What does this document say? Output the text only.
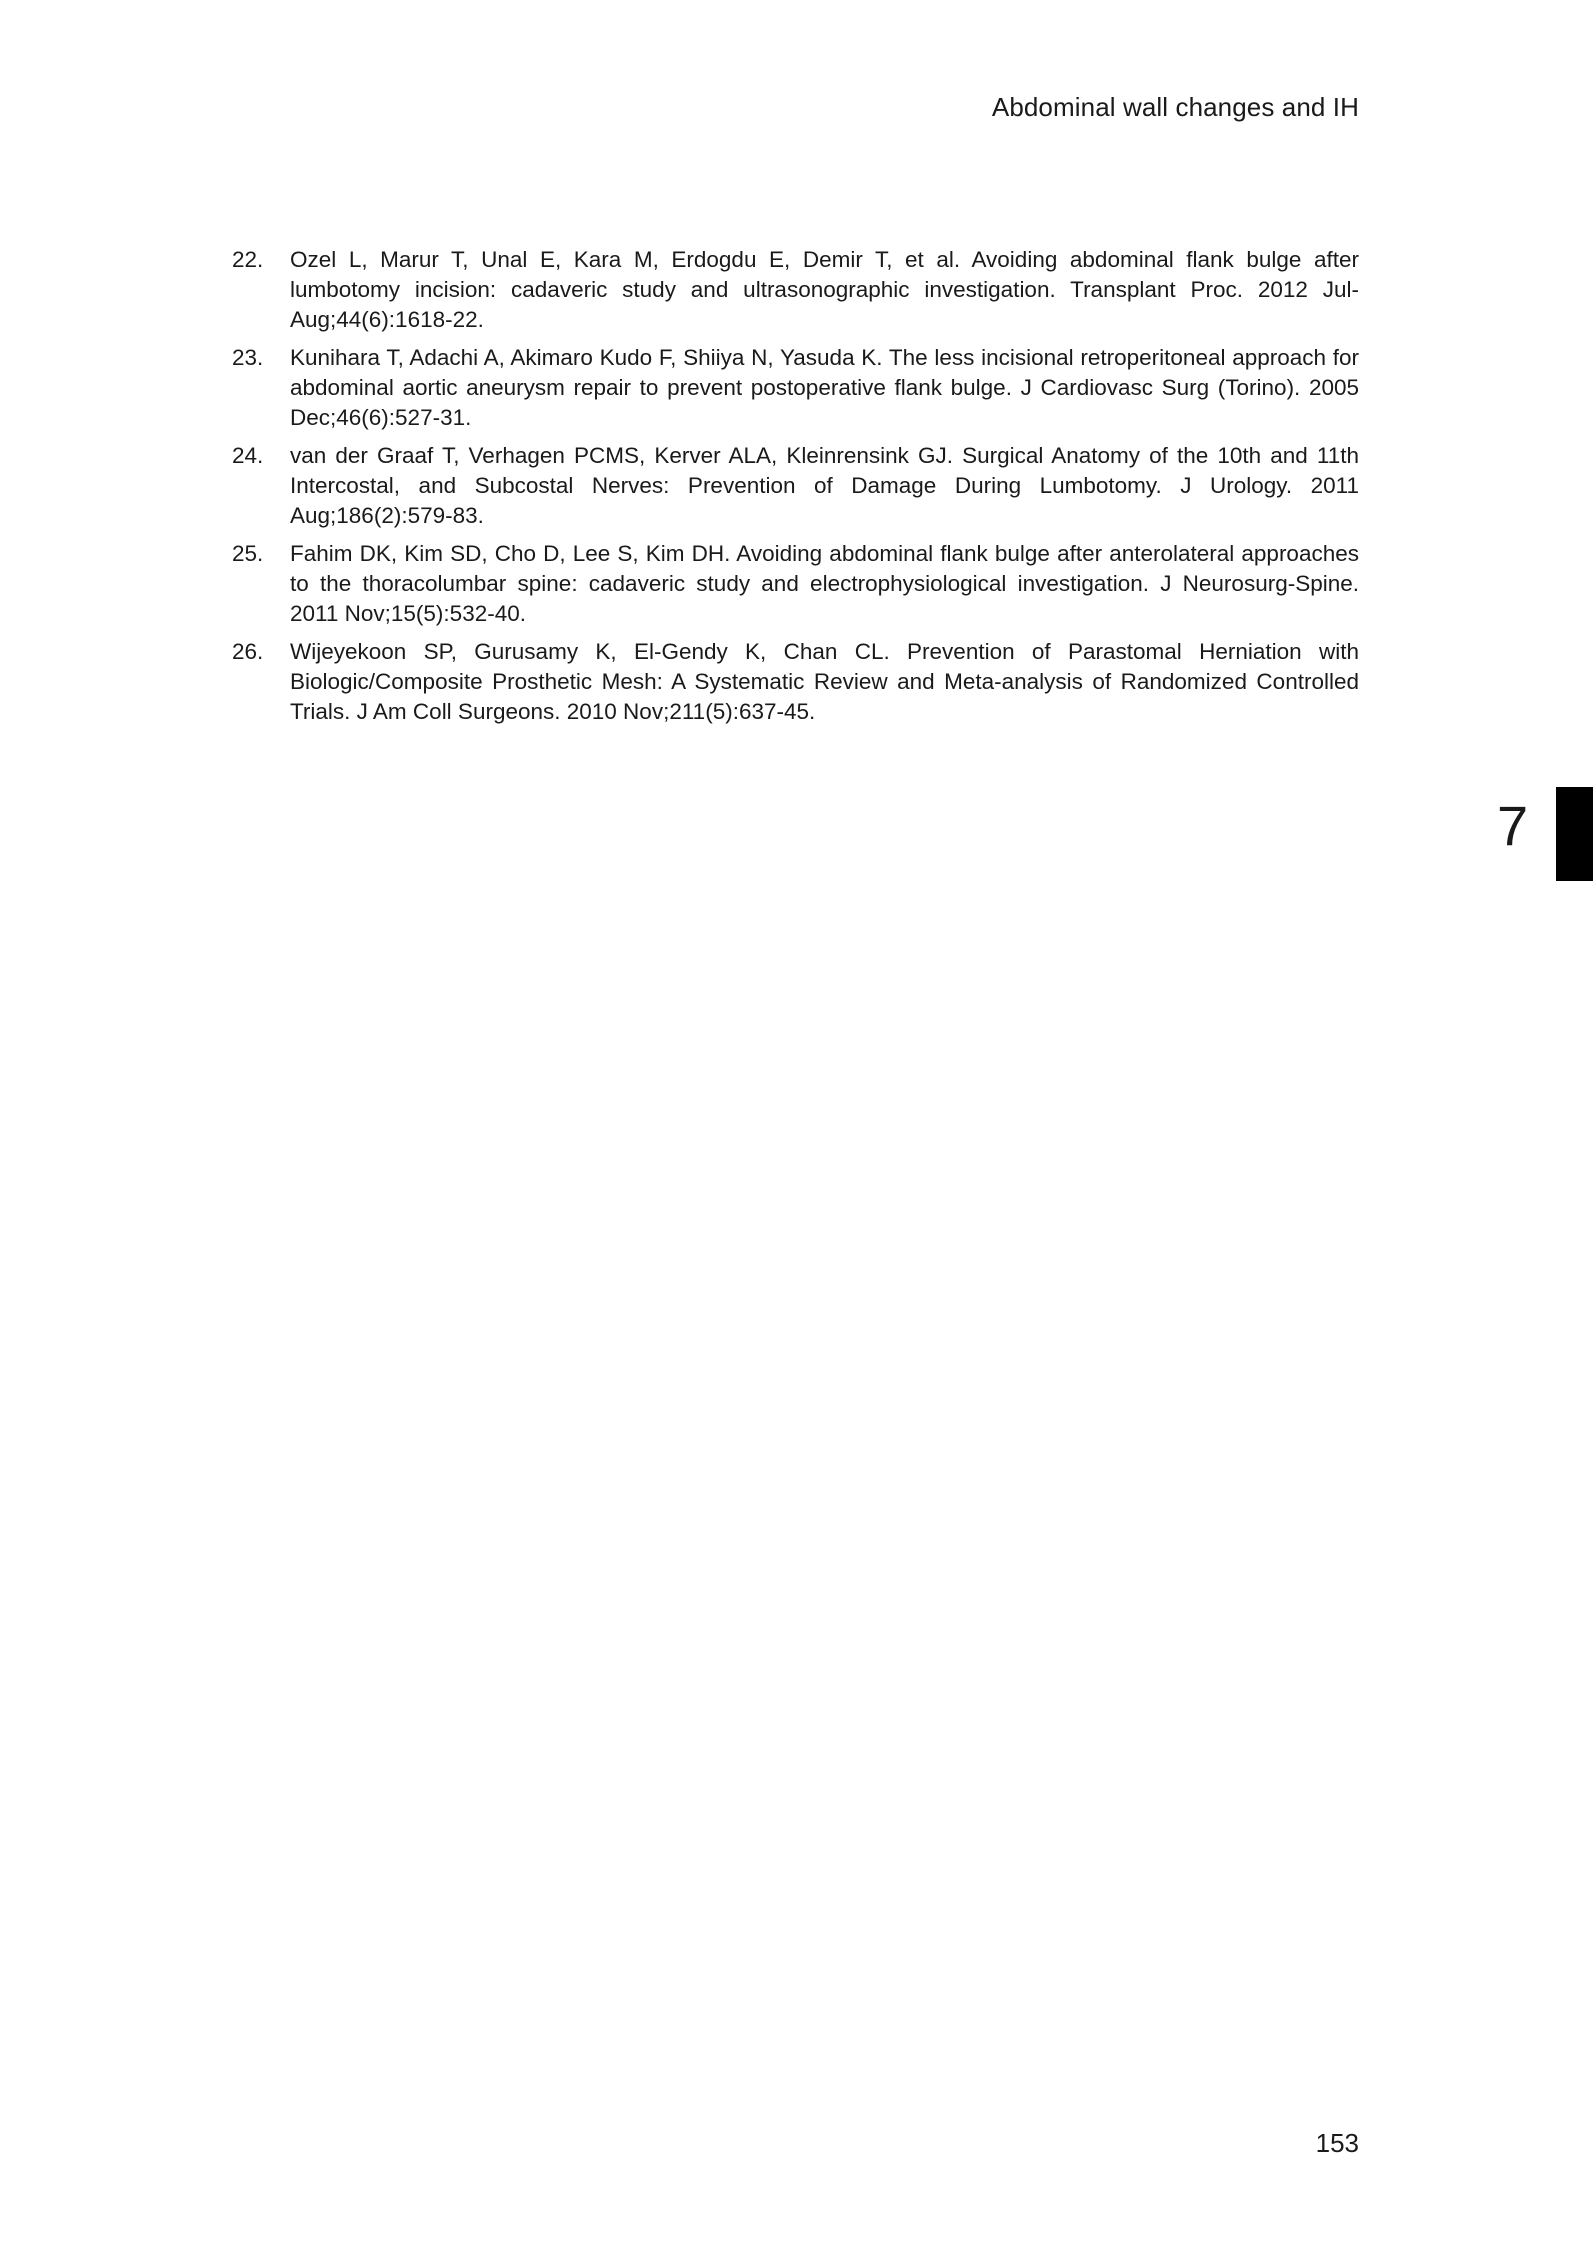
Abdominal wall changes and IH
22.	Ozel L, Marur T, Unal E, Kara M, Erdogdu E, Demir T, et al. Avoiding abdominal flank bulge after lumbotomy incision: cadaveric study and ultrasonographic investigation. Transplant Proc. 2012 Jul-Aug;44(6):1618-22.
23.	Kunihara T, Adachi A, Akimaro Kudo F, Shiiya N, Yasuda K. The less incisional retroperitoneal approach for abdominal aortic aneurysm repair to prevent postoperative flank bulge. J Cardiovasc Surg (Torino). 2005 Dec;46(6):527-31.
24.	van der Graaf T, Verhagen PCMS, Kerver ALA, Kleinrensink GJ. Surgical Anatomy of the 10th and 11th Intercostal, and Subcostal Nerves: Prevention of Damage During Lumbotomy. J Urology. 2011 Aug;186(2):579-83.
25.	Fahim DK, Kim SD, Cho D, Lee S, Kim DH. Avoiding abdominal flank bulge after anterolateral approaches to the thoracolumbar spine: cadaveric study and electrophysiological investigation. J Neurosurg-Spine. 2011 Nov;15(5):532-40.
26.	Wijeyekoon SP, Gurusamy K, El-Gendy K, Chan CL. Prevention of Parastomal Herniation with Biologic/Composite Prosthetic Mesh: A Systematic Review and Meta-analysis of Randomized Controlled Trials. J Am Coll Surgeons. 2010 Nov;211(5):637-45.
7
153
